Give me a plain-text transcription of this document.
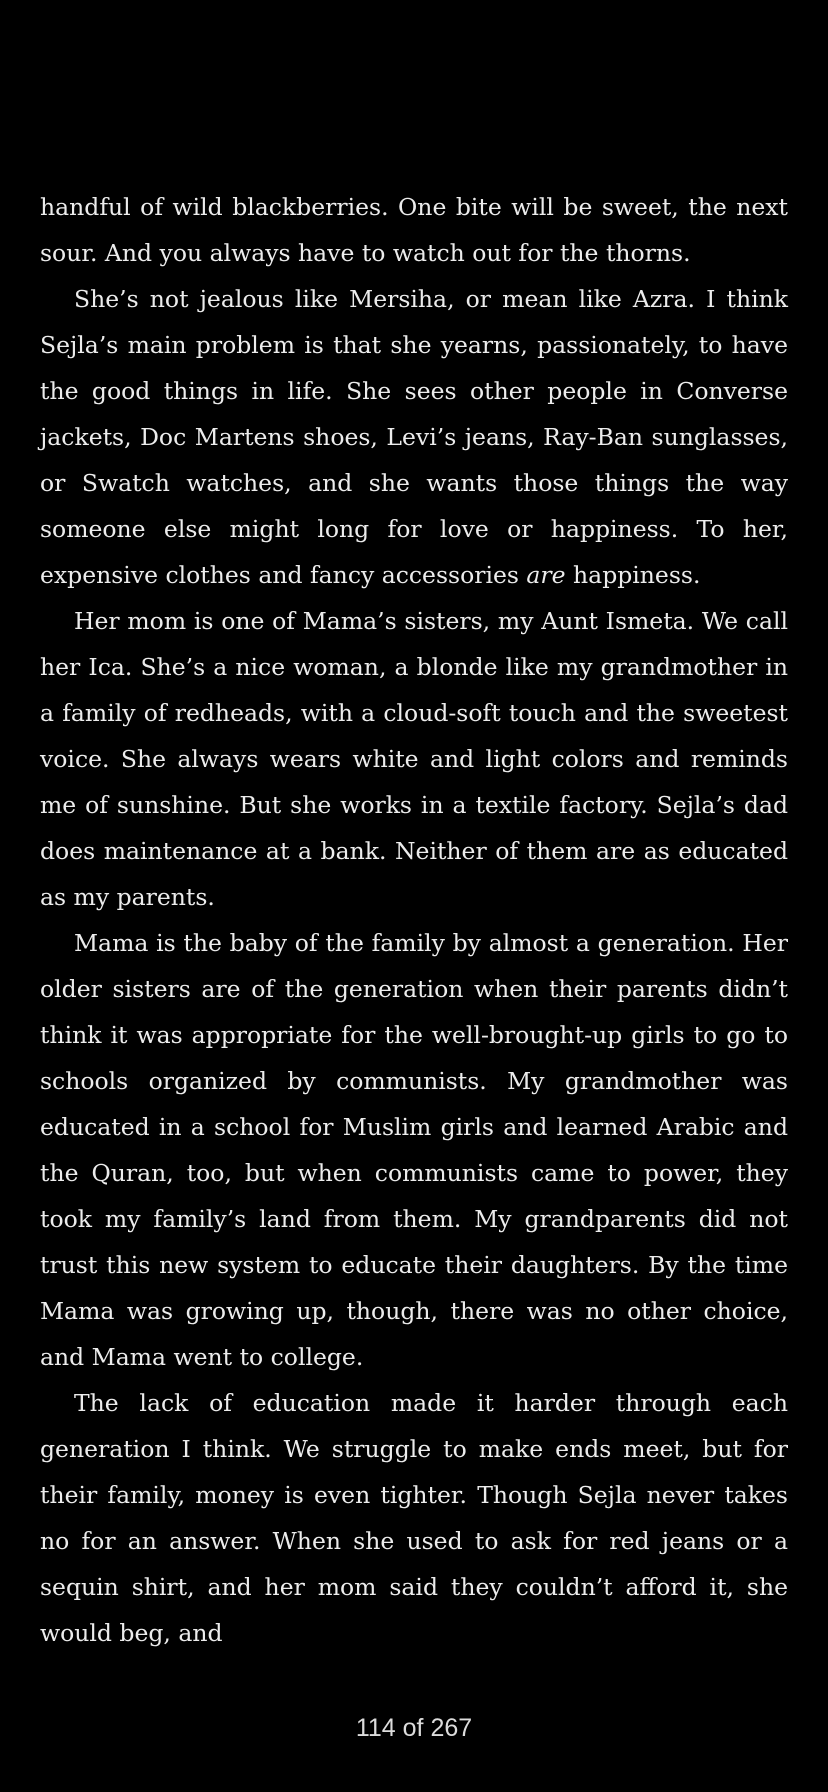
handful of wild blackberries. One bite will be sweet, the next sour. And you always have to watch out for the thorns.

She’s not jealous like Mersiha, or mean like Azra. I think Sejla’s main problem is that she yearns, passionately, to have the good things in life. She sees other people in Converse jackets, Doc Martens shoes, Levi’s jeans, Ray-Ban sunglasses, or Swatch watches, and she wants those things the way someone else might long for love or happiness. To her, expensive clothes and fancy accessories are happiness.

Her mom is one of Mama’s sisters, my Aunt Ismeta. We call her Ica. She’s a nice woman, a blonde like my grandmother in a family of redheads, with a cloud-soft touch and the sweetest voice. She always wears white and light colors and reminds me of sunshine. But she works in a textile factory. Sejla’s dad does maintenance at a bank. Neither of them are as educated as my parents.

Mama is the baby of the family by almost a generation. Her older sisters are of the generation when their parents didn’t think it was appropriate for the well-brought-up girls to go to schools organized by communists. My grandmother was educated in a school for Muslim girls and learned Arabic and the Quran, too, but when communists came to power, they took my family’s land from them. My grandparents did not trust this new system to educate their daughters. By the time Mama was growing up, though, there was no other choice, and Mama went to college.

The lack of education made it harder through each generation I think. We struggle to make ends meet, but for their family, money is even tighter. Though Sejla never takes no for an answer. When she used to ask for red jeans or a sequin shirt, and her mom said they couldn’t afford it, she would beg, and

114 of 267
